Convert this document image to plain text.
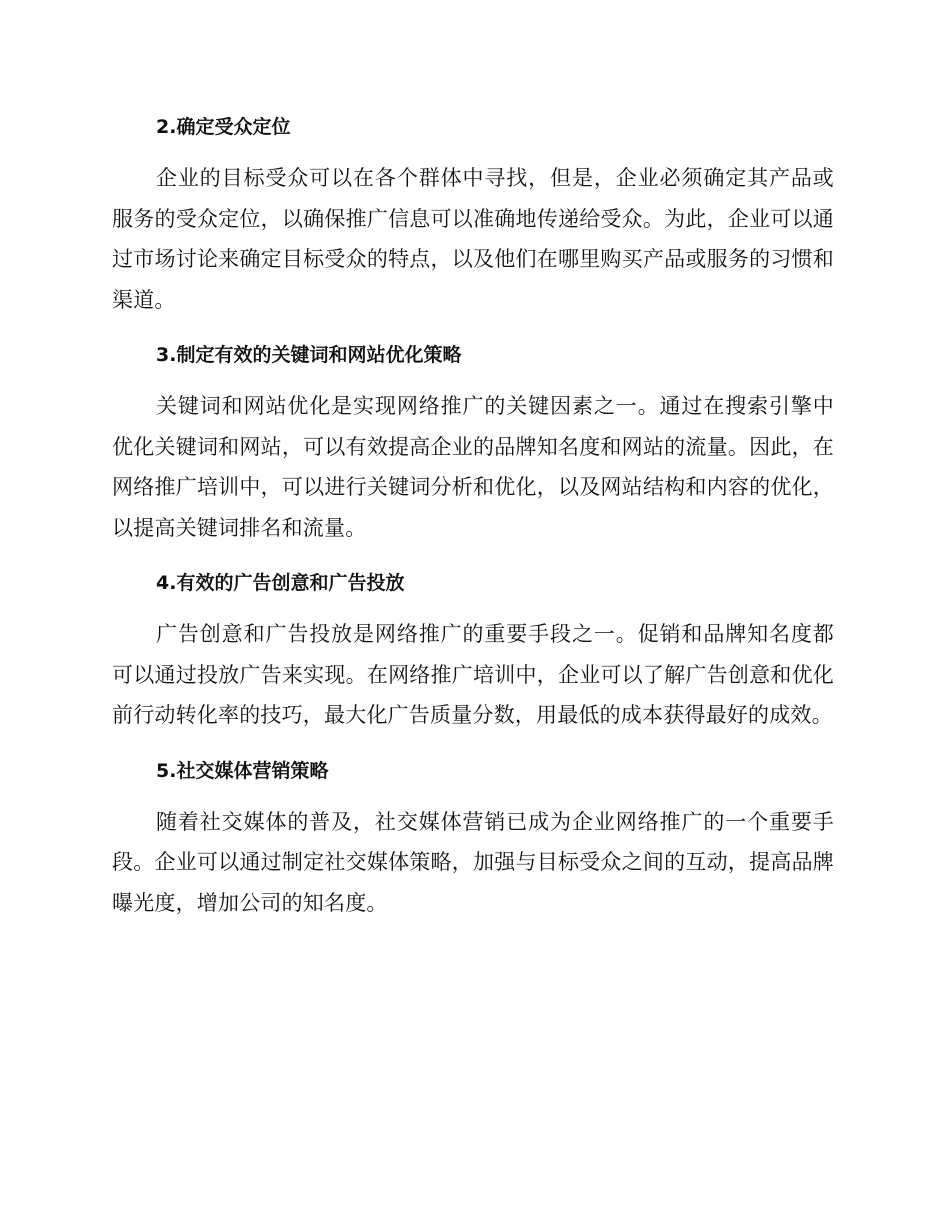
2.确定受众定位

企业的目标受众可以在各个群体中寻找，但是，企业必须确定其产品或服务的受众定位，以确保推广信息可以准确地传递给受众。为此，企业可以通过市场讨论来确定目标受众的特点，以及他们在哪里购买产品或服务的习惯和渠道。

3.制定有效的关键词和网站优化策略

关键词和网站优化是实现网络推广的关键因素之一。通过在搜索引擎中优化关键词和网站，可以有效提高企业的品牌知名度和网站的流量。因此，在网络推广培训中，可以进行关键词分析和优化，以及网站结构和内容的优化，以提高关键词排名和流量。

4.有效的广告创意和广告投放

广告创意和广告投放是网络推广的重要手段之一。促销和品牌知名度都可以通过投放广告来实现。在网络推广培训中，企业可以了解广告创意和优化前行动转化率的技巧，最大化广告质量分数，用最低的成本获得最好的成效。

5.社交媒体营销策略

随着社交媒体的普及，社交媒体营销已成为企业网络推广的一个重要手段。企业可以通过制定社交媒体策略，加强与目标受众之间的互动，提高品牌曝光度，增加公司的知名度。
